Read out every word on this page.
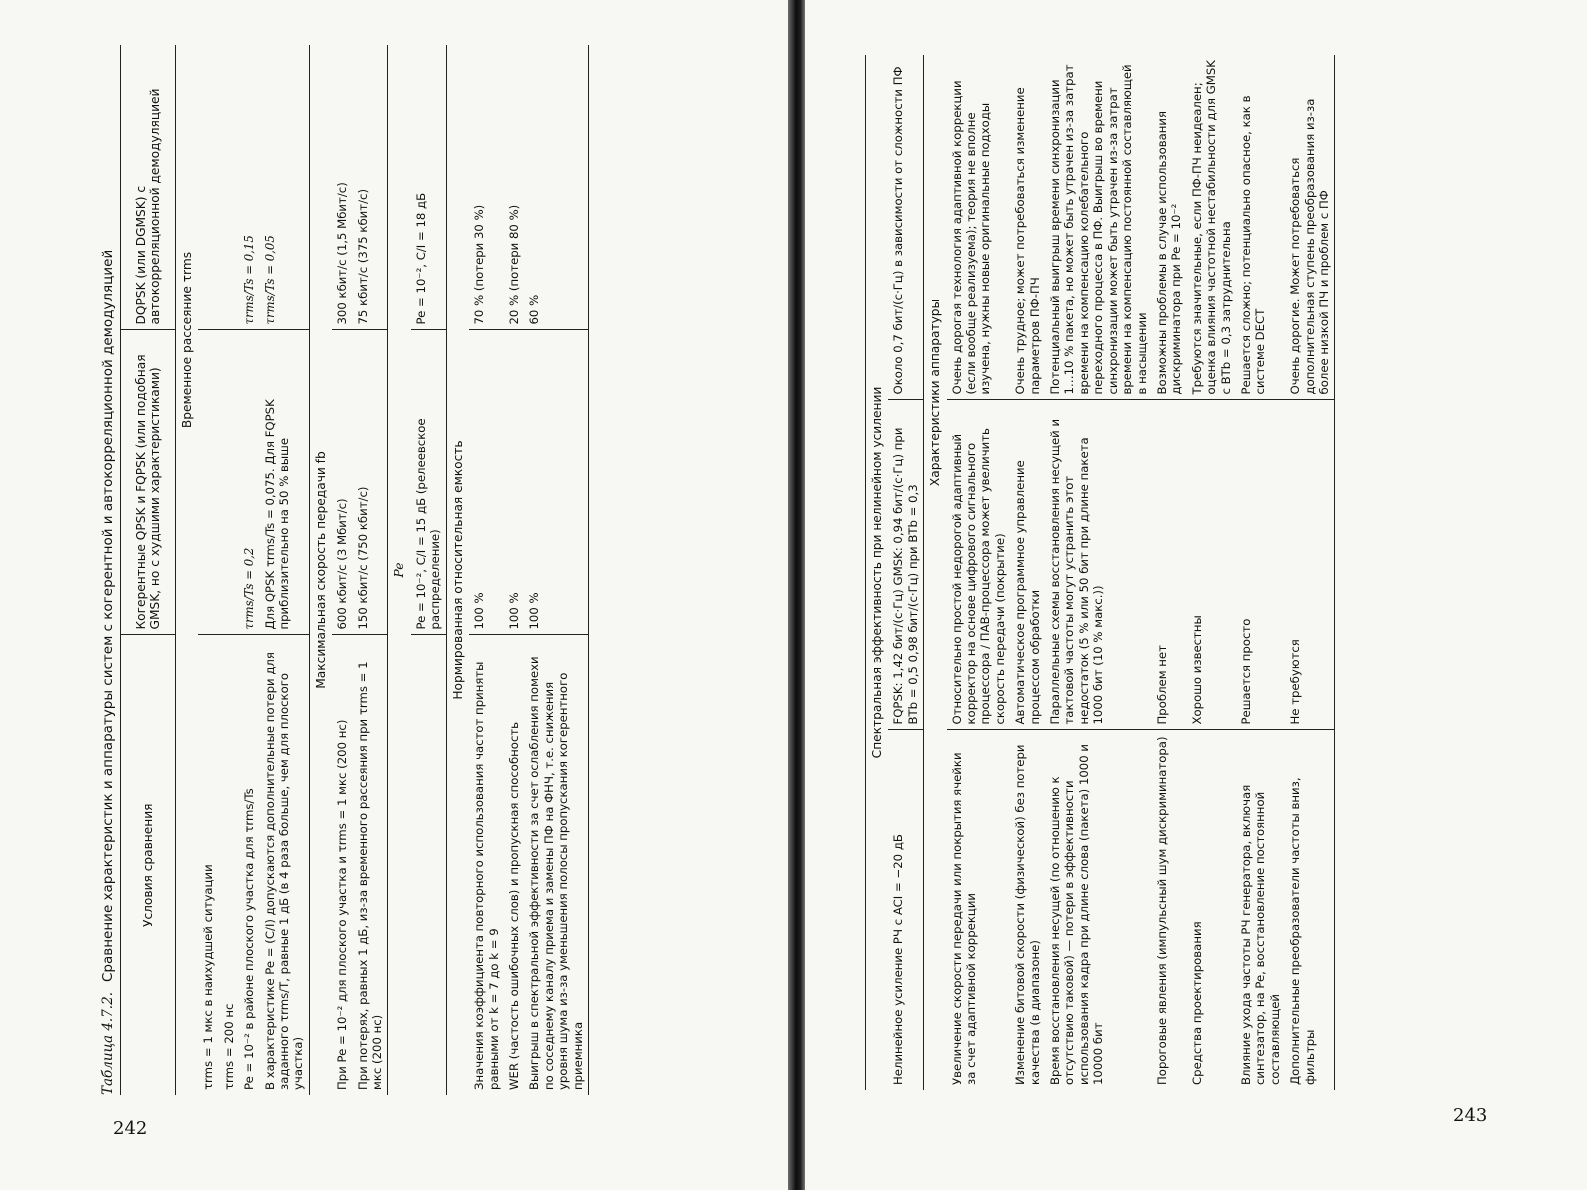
Таблица 4.7.2.Сравнение характеристик и аппаратуры систем с когерентной и автокорреляционной демодуляцией	Условия сравнения	Когерентные QPSK и FQPSK (или подобная GMSK, но с худшими характеристиками)	DQPSK (или DGMSK) с автокорреляционной демодуляцией
	Временное рассеяние τrms	
τrms = 1 мкс в наихудшей ситуации		
τrms = 200 нс		
Pe = 10⁻² в районе плоского участка для τrms/Ts	τrms/Ts = 0,2	τrms/Ts = 0,15
В характеристике Pe = (C/I) допускаются дополнительные потери для заданного τrms/T, равные 1 дБ (в 4 раза больше, чем для плоского участка)	Для QPSK τrms/Ts = 0,075. Для FQPSK приблизительно на 50 % выше	τrms/Ts = 0,05
Максимальная скорость передачи fb		
При Pe = 10⁻² для плоского участка и τrms = 1 мкс (200 нс)	600 кбит/с (3 Мбит/с)	300 кбит/с (1,5 Мбит/с)
При потерях, равных 1 дБ, из-за временного рассеяния при τrms = 1 мкс (200 нс)	150 кбит/с (750 кбит/с)	75 кбит/с (375 кбит/с)
Pe		
	Pe = 10⁻², C/I = 15 дБ (релеевское распределение)	Pe = 10⁻², C/I = 18 дБ
Нормированная относительная емкость		
Значения коэффициента повторного использования частот приняты равными от k = 7 до k = 9	100 %	70 % (потери 30 %)
WER (частость ошибочных слов) и пропускная способность	100 %	20 % (потери 80 %)
Выигрыш в спектральной эффективности за счет ослабления помехи по соседнему каналу приема и замены ПФ на ФНЧ, т.е. снижения уровня шума из-за уменьшения полосы пропускания когерентного приемника	100 %	60 %
242
Спектральная эффективность при нелинейном усилении		
Нелинейное усиление РЧ с ACI = −20 дБ	FQPSK: 1,42 бит/(с·Гц) GMSK: 0,94 бит/(с·Гц) при BTb = 0,5 0,98 бит/(с·Гц) при BTb = 0,3	Около 0,7 бит/(с·Гц) в зависимости от сложности ПФ
	Характеристики аппаратуры	
Увеличение скорости передачи или покрытия ячейки за счет адаптивной коррекции	Относительно простой недорогой адаптивный корректор на основе цифрового сигнального процессора / ПАВ-процессора может увеличить скорость передачи (покрытие)	Очень дорогая технология адаптивной коррекции (если вообще реализуема); теория не вполне изучена, нужны новые оригинальные подходы
Изменение битовой скорости (физической) без потери качества (в диапазоне)	Автоматическое программное управление процессом обработки	Очень трудное; может потребоваться изменение параметров ПФ-ПЧ
Время восстановления несущей (по отношению к отсутствию таковой) — потери в эффективности использования кадра при длине слова (пакета) 1000 и 10000 бит	Параллельные схемы восстановления несущей и тактовой частоты могут устранить этот недостаток (5 % или 50 бит при длине пакета 1000 бит (10 % макс.))	Потенциальный выигрыш времени синхронизации 1…10 % пакета, но может быть утрачен из-за затрат времени на компенсацию колебательного переходного процесса в ПФ. Выигрыш во времени синхронизации может быть утрачен из-за затрат времени на компенсацию постоянной составляющей в насыщении
Пороговые явления (импульсный шум дискриминатора)	Проблем нет	Возможны проблемы в случае использования дискриминатора при Pe = 10⁻²
Средства проектирования	Хорошо известны	Требуются значительные, если ПФ-ПЧ неидеален; оценка влияния частотной нестабильности для GMSK с BTb = 0,3 затруднительна
Влияние ухода частоты РЧ генератора, включая синтезатор, на Pe, восстановление постоянной составляющей	Решается просто	Решается сложно; потенциально опасное, как в системе DECT
Дополнительные преобразователи частоты вниз, фильтры	Не требуются	Очень дорогие. Может потребоваться дополнительная ступень преобразования из-за более низкой ПЧ и проблем с ПФ
243
